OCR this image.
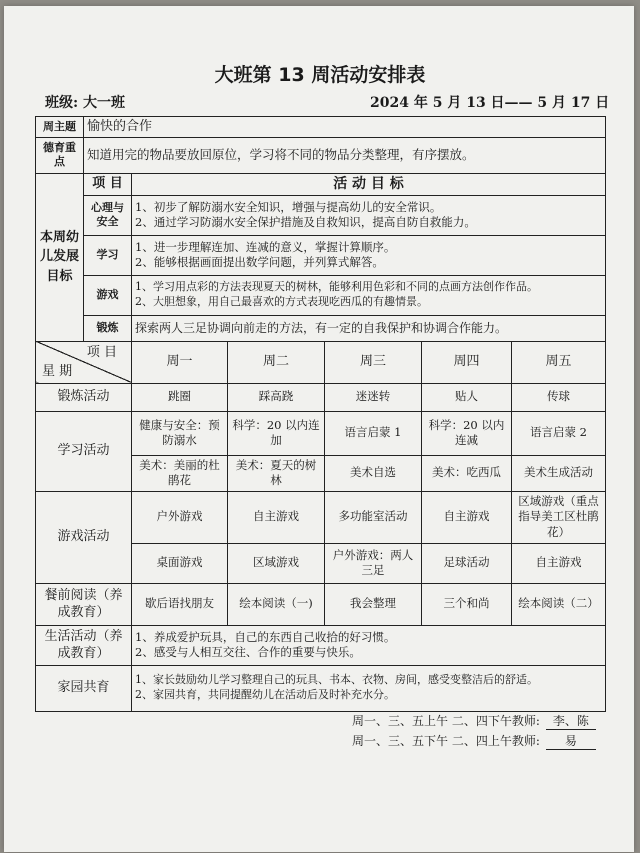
大班第 13 周活动安排表
班级: 大一班	2024 年 5 月 13 日—— 5 月 17 日
周主题	愉快的合作					
德育重点	知道用完的物品要放回原位，学习将不同的物品分类整理，有序摆放。					
本周幼儿发展目标	项 目	活 动 目 标				
	心理与安全	1、初步了解防溺水安全知识，增强与提高幼儿的安全常识。
2、通过学习防溺水安全保护措施及自救知识，提高自防自救能力。				

	学习	1、进一步理解连加、连减的意义，掌握计算顺序。
2、能够根据画面提出数学问题，并列算式解答。				

	游戏	1、学习用点彩的方法表现夏天的树林，能够利用色彩和不同的点画方法创作作品。
2、大胆想象，用自己最喜欢的方式表现吃西瓜的有趣情景。				

	锻炼	探索两人三足协调向前走的方法，有一定的自我保护和协调合作能力。				

项 目
星 期		周一	周二	周三	周四	周五
锻炼活动		跳圈	踩高跷	迷迷转	贴人	传球
学习活动		健康与安全：预防溺水	科学：20 以内连加	语言启蒙 1	科学：20 以内连减	语言启蒙 2
		美术：美丽的杜鹃花	美术：夏天的树林	美术自选	美术：吃西瓜	美术生成活动
游戏活动		户外游戏	自主游戏	多功能室活动	自主游戏	区域游戏（重点指导美工区杜鹃花）
		桌面游戏	区域游戏	户外游戏：两人三足	足球活动	自主游戏
餐前阅读（养成教育）		歇后语找朋友	绘本阅读（一)	我会整理	三个和尚	绘本阅读（二）
生活活动（养成教育）		1、养成爱护玩具，自己的东西自己收拾的好习惯。
2、感受与人相互交往、合作的重要与快乐。				

家园共育		1、家长鼓励幼儿学习整理自己的玩具、书本、衣物、房间，感受变整洁后的舒适。
2、家园共育，共同提醒幼儿在活动后及时补充水分。				
周一、三、五上午 二、四下午教师: 李、陈
周一、三、五下午 二、四上午教师: 易
